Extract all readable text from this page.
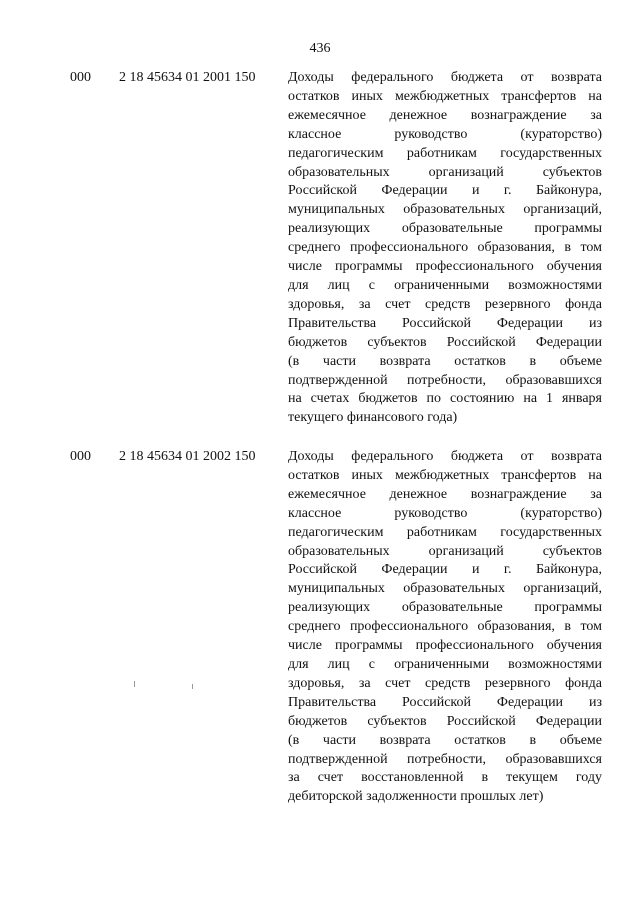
436
000 2 18 45634 01 2001 150 Доходы федерального бюджета от возврата
остатков иных межбюджетных трансфертов на
ежемесячное денежное вознаграждение за
классное руководство (кураторство)
педагогическим работникам государственных
образовательных организаций субъектов
Российской Федерации и г. Байконура,
муниципальных образовательных организаций,
реализующих образовательные программы
среднего профессионального образования, в том
числе программы профессионального обучения
для лиц с ограниченными возможностями
здоровья, за счет средств резервного фонда
Правительства Российской Федерации из
бюджетов субъектов Российской Федерации
(в части возврата остатков в объеме
подтвержденной потребности, образовавшихся
на счетах бюджетов по состоянию на 1 января
текущего финансового года)
000 2 18 45634 01 2002 150 Доходы федерального бюджета от возврата
остатков иных межбюджетных трансфертов на
ежемесячное денежное вознаграждение за
классное руководство (кураторство)
педагогическим работникам государственных
образовательных организаций субъектов
Российской Федерации и г. Байконура,
муниципальных образовательных организаций,
реализующих образовательные программы
среднего профессионального образования, в том
числе программы профессионального обучения
для лиц с ограниченными возможностями
здоровья, за счет средств резервного фонда
Правительства Российской Федерации из
бюджетов субъектов Российской Федерации
(в части возврата остатков в объеме
подтвержденной потребности, образовавшихся
за счет восстановленной в текущем году
дебиторской задолженности прошлых лет)
